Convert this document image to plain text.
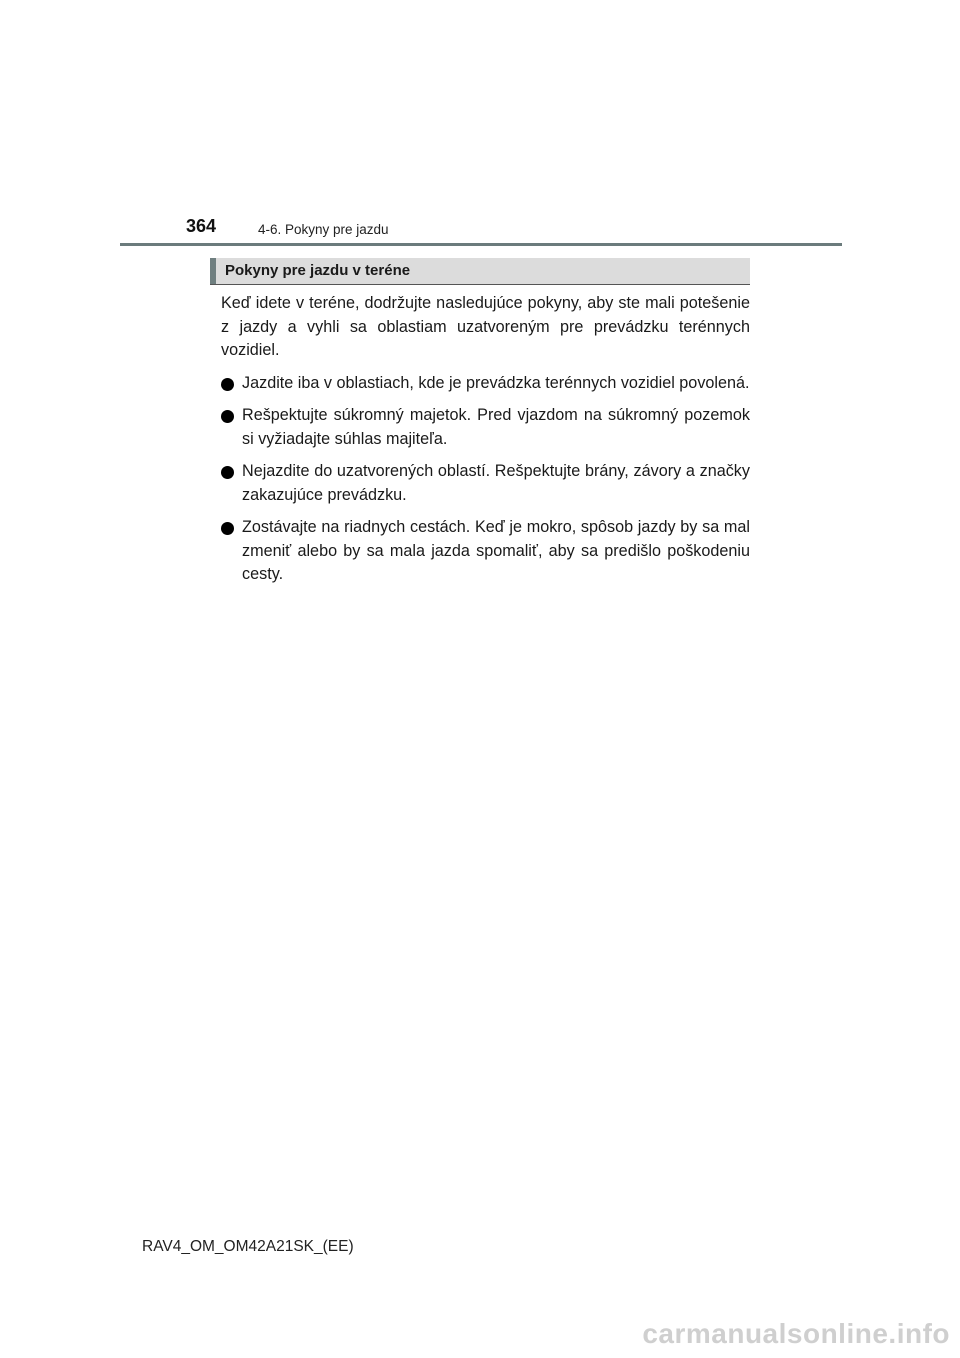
364	4-6. Pokyny pre jazdu
Pokyny pre jazdu v teréne

Keď idete v teréne, dodržujte nasledujúce pokyny, aby ste mali potešenie z jazdy a vyhli sa oblastiam uzatvoreným pre prevádzku terénnych vozidiel.

Jazdite iba v oblastiach, kde je prevádzka terénnych vozidiel povolená.
Rešpektujte súkromný majetok. Pred vjazdom na súkromný pozemok si vyžiadajte súhlas majiteľa.
Nejazdite do uzatvorených oblastí. Rešpektujte brány, závory a značky zakazujúce prevádzku.
Zostávajte na riadnych cestách. Keď je mokro, spôsob jazdy by sa mal zmeniť alebo by sa mala jazda spomaliť, aby sa predišlo poškodeniu cesty.
RAV4_OM_OM42A21SK_(EE)
carmanualsonline.info
